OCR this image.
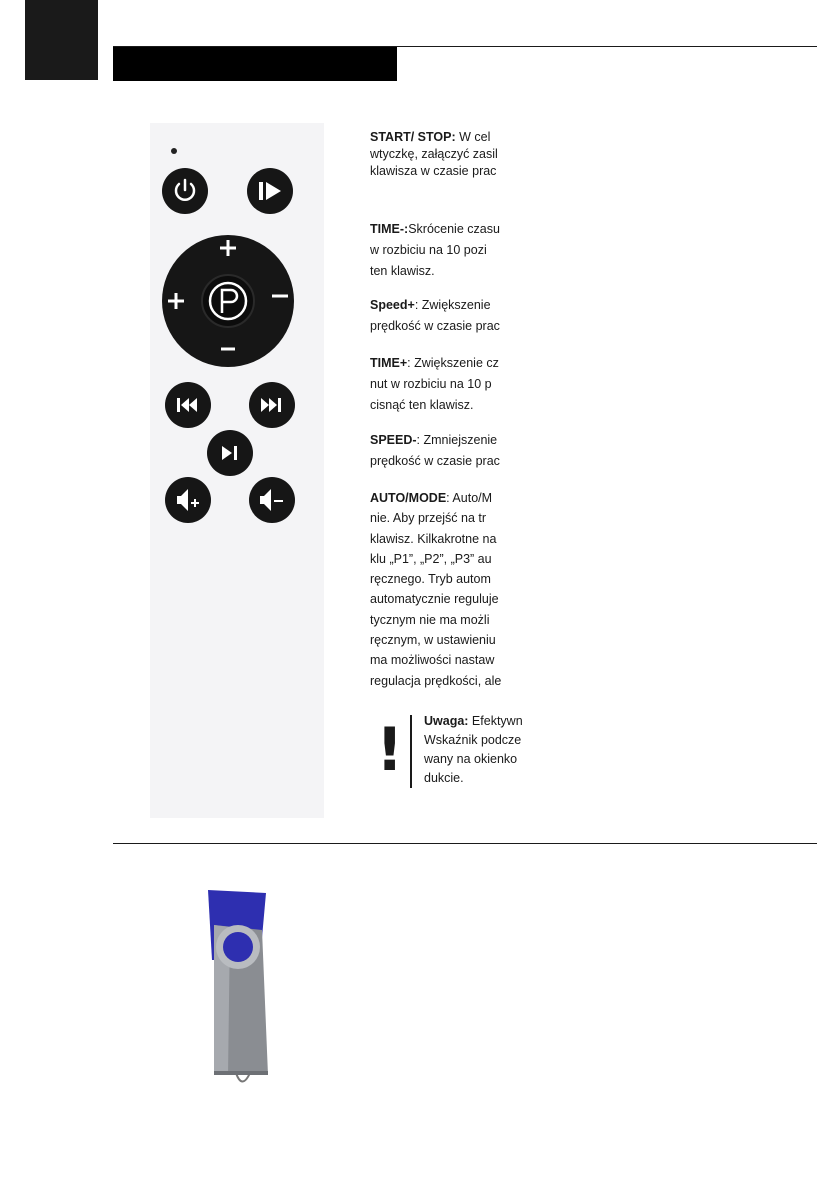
START/ STOP: W cel
wtyczkę, załączyć zasil
klawisza w czasie prac
TIME-:Skrócenie czasu
w rozbiciu na 10 pozi
ten klawisz.
Speed+: Zwiększenie
prędkość w czasie prac
TIME+: Zwiększenie cz
nut w rozbiciu na 10 p
cisnąć ten klawisz.
SPEED-: Zmniejszenie
prędkość w czasie prac
AUTO/MODE: Auto/M
nie. Aby przejść na tr
klawisz. Kilkakrotne na
klu „P1”, „P2”, „P3” au
ręcznego. Tryb autom
automatycznie reguluje
tycznym nie ma możli
ręcznym, w ustawieniu
ma możliwości nastaw
regulacja prędkości, ale
! Uwaga: Efektywn
Wskaźnik podcze
wany na okienko
dukcie.
